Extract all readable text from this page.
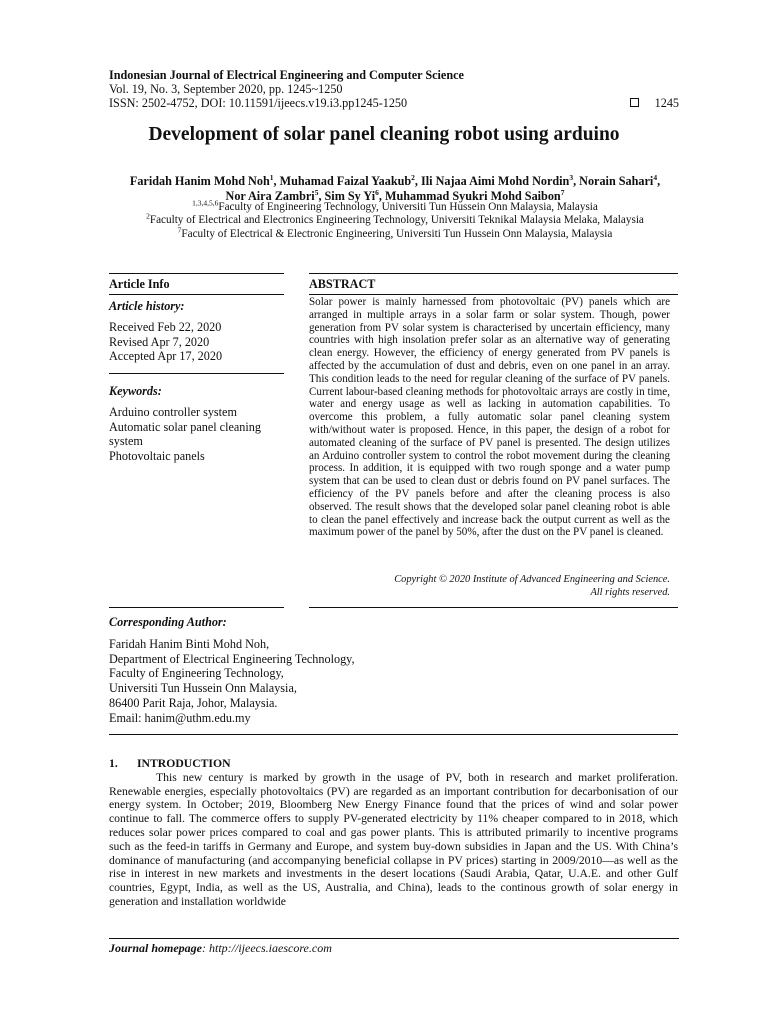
Indonesian Journal of Electrical Engineering and Computer Science
Vol. 19, No. 3, September 2020, pp. 1245~1250
ISSN: 2502-4752, DOI: 10.11591/ijeecs.v19.i3.pp1245-1250	1245
Development of solar panel cleaning robot using arduino
Faridah Hanim Mohd Noh$^1$, Muhamad Faizal Yaakub$^2$, Ili Najaa Aimi Mohd Nordin$^3$, Norain Sahari$^4$,
Nor Aira Zambri$^5$, Sim Sy Yi$^6$, Muhammad Syukri Mohd Saibon$^7$
$^{1,3,4,5,6}$Faculty of Engineering Technology, Universiti Tun Hussein Onn Malaysia, Malaysia
$^2$Faculty of Electrical and Electronics Engineering Technology, Universiti Teknikal Malaysia Melaka, Malaysia
$^7$Faculty of Electrical & Electronic Engineering, Universiti Tun Hussein Onn Malaysia, Malaysia
Article Info
Article history:
Received Feb 22, 2020
Revised Apr 7, 2020
Accepted Apr 17, 2020
Keywords:
Arduino controller system
Automatic solar panel cleaning
system
Photovoltaic panels
ABSTRACT
Solar power is mainly harnessed from photovoltaic (PV) panels which are arranged in multiple arrays in a solar farm or solar system. Though, power generation from PV solar system is characterised by uncertain efficiency, many countries with high insolation prefer solar as an alternative way of generating clean energy. However, the efficiency of energy generated from PV panels is affected by the accumulation of dust and debris, even on one panel in an array. This condition leads to the need for regular cleaning of the surface of PV panels. Current labour-based cleaning methods for photovoltaic arrays are costly in time, water and energy usage as well as lacking in automation capabilities. To overcome this problem, a fully automatic solar panel cleaning system with/without water is proposed. Hence, in this paper, the design of a robot for automated cleaning of the surface of PV panel is presented. The design utilizes an Arduino controller system to control the robot movement during the cleaning process. In addition, it is equipped with two rough sponge and a water pump system that can be used to clean dust or debris found on PV panel surfaces. The efficiency of the PV panels before and after the cleaning process is also observed. The result shows that the developed solar panel cleaning robot is able to clean the panel effectively and increase back the output current as well as the maximum power of the panel by 50%, after the dust on the PV panel is cleaned.
Copyright © 2020 Institute of Advanced Engineering and Science.
All rights reserved.
Corresponding Author:
Faridah Hanim Binti Mohd Noh,
Department of Electrical Engineering Technology,
Faculty of Engineering Technology,
Universiti Tun Hussein Onn Malaysia,
86400 Parit Raja, Johor, Malaysia.
Email: hanim@uthm.edu.my
1. INTRODUCTION

This new century is marked by growth in the usage of PV, both in research and market proliferation. Renewable energies, especially photovoltaics (PV) are regarded as an important contribution for decarbonisation of our energy system. In October; 2019, Bloomberg New Energy Finance found that the prices of wind and solar power continue to fall. The commerce offers to supply PV-generated electricity by 11% cheaper compared to in 2018, which reduces solar power prices compared to coal and gas power plants. This is attributed primarily to incentive programs such as the feed-in tariffs in Germany and Europe, and system buy-down subsidies in Japan and the US. With China’s dominance of manufacturing (and accompanying beneficial collapse in PV prices) starting in 2009/2010—as well as the rise in interest in new markets and investments in the desert locations (Saudi Arabia, Qatar, U.A.E. and other Gulf countries, Egypt, India, as well as the US, Australia, and China), leads to the continous growth of solar energy in generation and installation worldwide

Journal homepage: http://ijeecs.iaescore.com
